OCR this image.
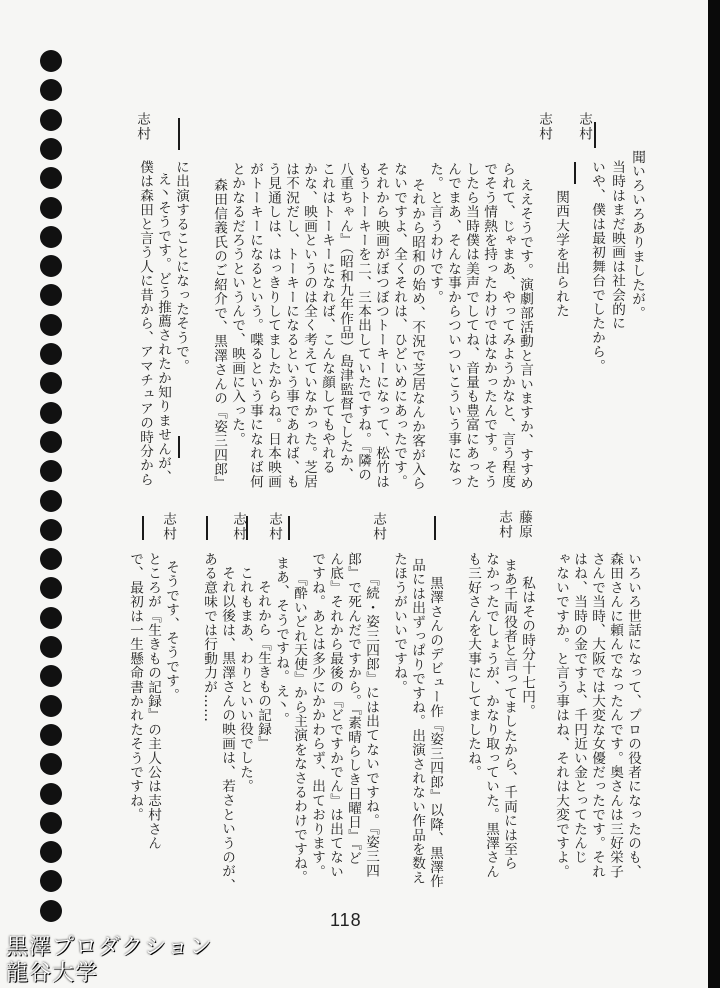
志村
志村
志村
聞いろいろありましたが。
当時はまだ映画は社会的に
いや、僕は最初舞台でしたから。
関西大学を出られた
ええそうです。演劇部活動と言いますか、すすめ
られて、じゃまあ、やってみようかなと、言う程度
でそう情熱を持ったわけではなかったんです。そう
したら当時僕は美声でしてね、音量も豊富にあった
んでまあ、そんな事からついついこういう事になっ
た。と言うわけです。
それから昭和の始め、不況で芝居なんか客が入ら
ないですよ、全くそれは、ひどいめにあったです。
それから映画がぼつぼつトーキーになって、松竹は
もうトーキーを二、三本出していたですね。『隣の
八重ちゃん』（昭和九年作品）島津監督でしたか、
これはトーキーになれば、こんな顔してもやれる
かな、映画というのは全く考えていなかった。芝居
は不況だし、トーキーになるという事であれば、も
う見通しは、はっきりしてましたからね。日本映画
がトーキーになるという。喋るという事になれば何
とかなるだろうというんで、映画に入った。
森田信義氏のご紹介で、黒澤さんの『姿三四郎』
に出演することになったそうで。
え丶そうです。どう推薦されたか知りませんが、
僕は森田と言う人に昔から、アマチュアの時分から
藤原
志村
志村
志村
志村
志村
いろいろ世話になって、プロの役者になったのも、
森田さんに頼んでなったんです。奥さんは三好栄子
さんで当時、大阪では大変な女優だったです。それ
はね、当時の金ですよ、千円近い金とってたんじ
ゃないですか。と言う事はね、それは大変ですよ。
私はその時分十七円。
まあ千両役者と言ってましたから、千両には至ら
なかったでしょうが、かなり取っていた。黒澤さん
も三好さんを大事にしてましたね。
黒澤さんのデビュー作『姿三四郎』以降、黒澤作
品には出ずっぱりですね。出演されない作品を数え
たほうがいいですね。
『続・姿三四郎』には出てないですね。『姿三四
郎』で死んだですから。『素晴らしき日曜日』『ど
ん底』それから最後の『どですかでん』は出てない
ですね。あとは多少にかかわらず、出ております。
『酔いどれ天使』から主演をなさるわけですね。
まあ、そうですね。え丶。
それから『生きもの記録』
これもまあ、わりといい役でした。
それ以後は、黒澤さんの映画は、若さというのが、
ある意味では行動力が……
そうです、そうです。
ところが『生きもの記録』の主人公は志村さん
で、最初は一生懸命書かれたそうですね。
118
黒澤プロダクション
龍谷大学
